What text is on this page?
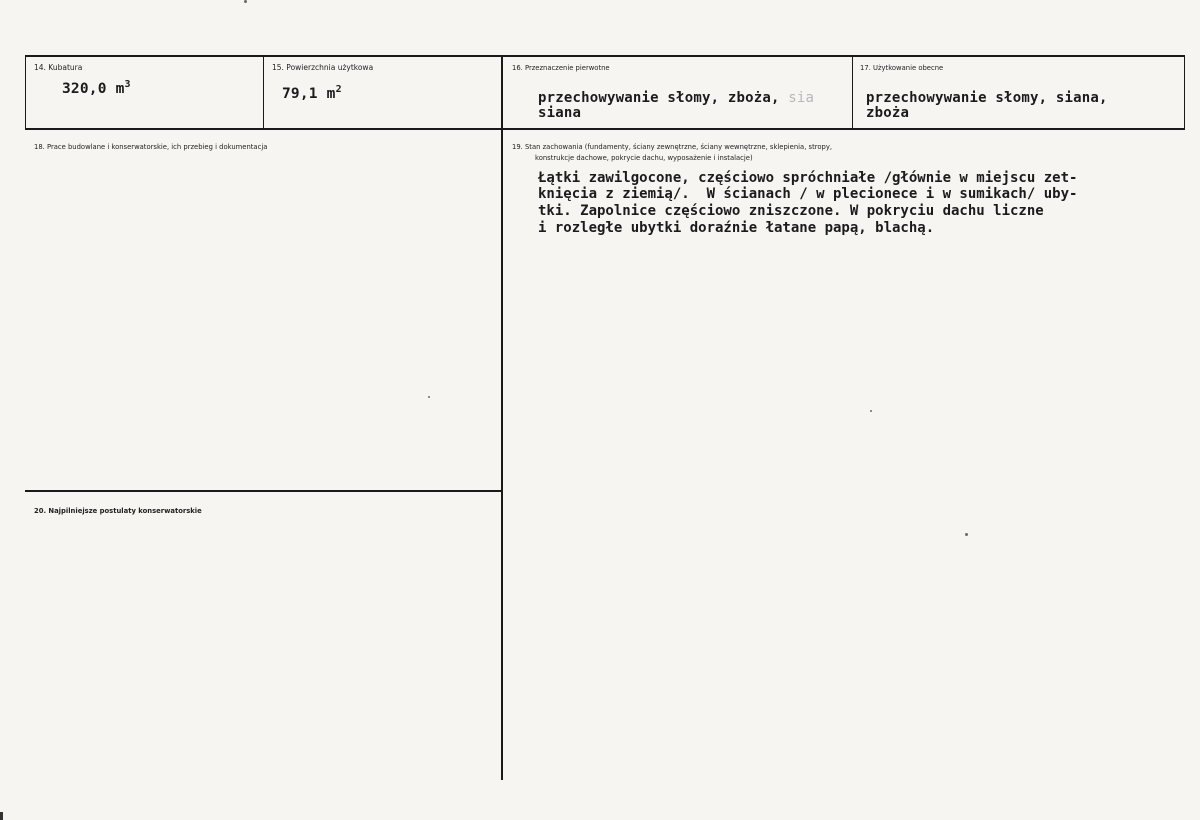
14. Kubatura
320,0 $m^3$
15. Powierzchnia użytkowa
79,1 $m^2$
16. Przeznaczenie pierwotne
przechowywanie słomy, zboża, sia
siana
17. Użytkowanie obecne
przechowywanie słomy, siana,
zboża
18. Prace budowlane i konserwatorskie, ich przebieg i dokumentacja	19. Stan zachowania (fundamenty, ściany zewnętrzne, ściany wewnętrzne, sklepienia, stropy,
konstrukcje dachowe, pokrycie dachu, wyposażenie i instalacje)
Łątki zawilgocone, częściowo spróchniałe /głównie w miejscu zet-
knięcia z ziemią/.  W ścianach / w plecionece i w sumikach/ uby-
tki. Zapolnice częściowo zniszczone. W pokryciu dachu liczne
i rozległe ubytki doraźnie łatane papą, blachą.
20. Najpilniejsze postulaty konserwatorskie
